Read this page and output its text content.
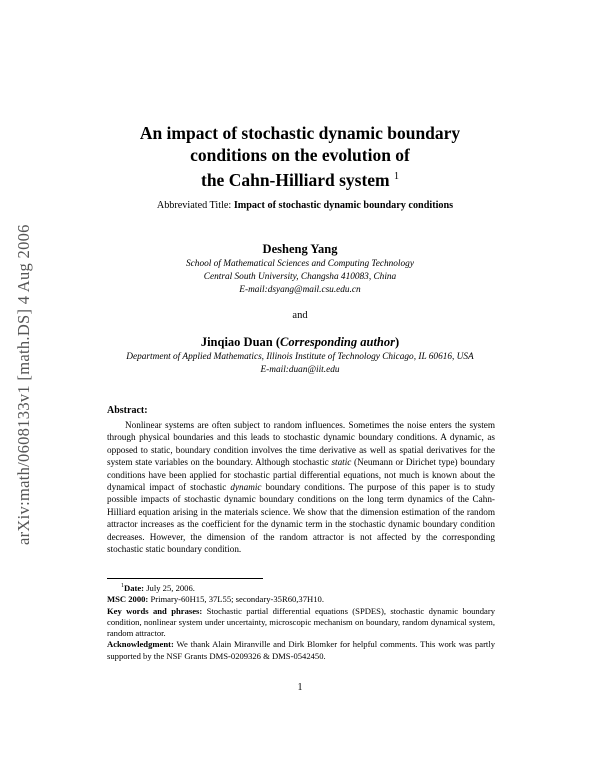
arXiv:math/0608133v1 [math.DS] 4 Aug 2006
An impact of stochastic dynamic boundary
conditions on the evolution of
the Cahn-Hilliard system $^1$
Abbreviated Title: Impact of stochastic dynamic boundary conditions
Desheng Yang
School of Mathematical Sciences and Computing Technology
Central South University, Changsha 410083, China
E-mail:dsyang@mail.csu.edu.cn
and
Jinqiao Duan (Corresponding author)
Department of Applied Mathematics, Illinois Institute of Technology Chicago, IL 60616, USA
E-mail:duan@iit.edu
Abstract:
Nonlinear systems are often subject to random influences. Sometimes the noise enters the system through physical boundaries and this leads to stochastic dynamic boundary conditions. A dynamic, as opposed to static, boundary condition involves the time derivative as well as spatial derivatives for the system state variables on the boundary. Although stochastic static (Neumann or Dirichet type) boundary conditions have been applied for stochastic partial differential equations, not much is known about the dynamical impact of stochastic dynamic boundary conditions. The purpose of this paper is to study possible impacts of stochastic dynamic boundary conditions on the long term dynamics of the Cahn-Hilliard equation arising in the materials science. We show that the dimension estimation of the random attractor increases as the coefficient for the dynamic term in the stochastic dynamic boundary condition decreases. However, the dimension of the random attractor is not affected by the corresponding stochastic static boundary condition.

$^1$Date: July 25, 2006.

MSC 2000: Primary-60H15, 37L55; secondary-35R60,37H10.

Key words and phrases: Stochastic partial differential equations (SPDES), stochastic dynamic boundary condition, nonlinear system under uncertainty, microscopic mechanism on boundary, random dynamical system, random attractor.

Acknowledgment: We thank Alain Miranville and Dirk Blomker for helpful comments. This work was partly supported by the NSF Grants DMS-0209326 & DMS-0542450.

1
